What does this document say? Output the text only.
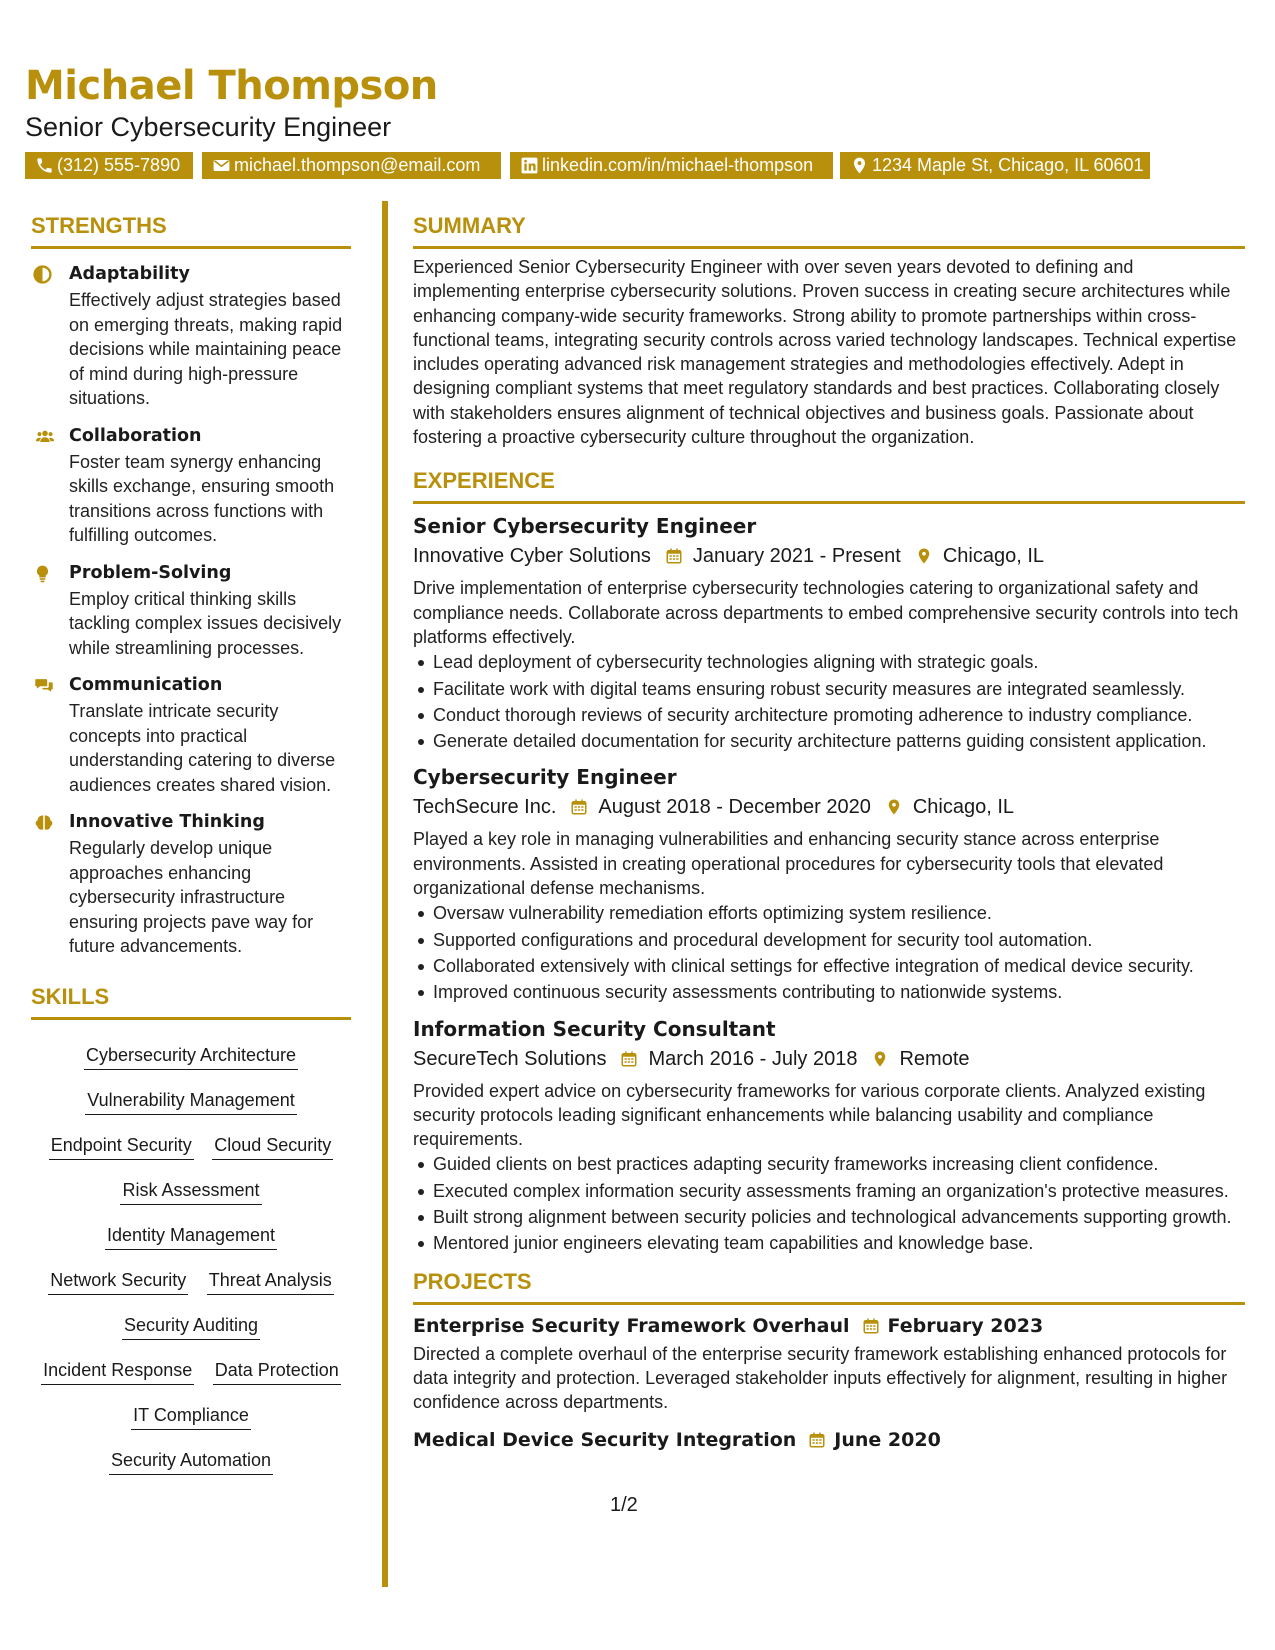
Michael Thompson
Senior Cybersecurity Engineer
(312) 555-7890	michael.thompson@email.com	linkedin.com/in/michael-thompson	1234 Maple St, Chicago, IL 60601
STRENGTHS
Adaptability
Effectively adjust strategies based on emerging threats, making rapid decisions while maintaining peace of mind during high-pressure situations.
Collaboration
Foster team synergy enhancing skills exchange, ensuring smooth transitions across functions with fulfilling outcomes.
Problem-Solving
Employ critical thinking skills tackling complex issues decisively while streamlining processes.
Communication
Translate intricate security concepts into practical understanding catering to diverse audiences creates shared vision.
Innovative Thinking
Regularly develop unique approaches enhancing cybersecurity infrastructure ensuring projects pave way for future advancements.
SKILLS
Cybersecurity Architecture
Vulnerability Management
Endpoint Security Cloud Security
Risk Assessment
Identity Management
Network Security Threat Analysis
Security Auditing
Incident Response Data Protection
IT Compliance
Security Automation
SUMMARY
Experienced Senior Cybersecurity Engineer with over seven years devoted to defining and implementing enterprise cybersecurity solutions. Proven success in creating secure architectures while enhancing company-wide security frameworks. Strong ability to promote partnerships within cross-functional teams, integrating security controls across varied technology landscapes. Technical expertise includes operating advanced risk management strategies and methodologies effectively. Adept in designing compliant systems that meet regulatory standards and best practices. Collaborating closely with stakeholders ensures alignment of technical objectives and business goals. Passionate about fostering a proactive cybersecurity culture throughout the organization.
EXPERIENCE
Senior Cybersecurity Engineer
Innovative Cyber Solutions January 2021 - Present Chicago, IL
Drive implementation of enterprise cybersecurity technologies catering to organizational safety and compliance needs. Collaborate across departments to embed comprehensive security controls into tech platforms effectively.
Lead deployment of cybersecurity technologies aligning with strategic goals.
Facilitate work with digital teams ensuring robust security measures are integrated seamlessly.
Conduct thorough reviews of security architecture promoting adherence to industry compliance.
Generate detailed documentation for security architecture patterns guiding consistent application.
Cybersecurity Engineer
TechSecure Inc. August 2018 - December 2020 Chicago, IL
Played a key role in managing vulnerabilities and enhancing security stance across enterprise environments. Assisted in creating operational procedures for cybersecurity tools that elevated organizational defense mechanisms.
Oversaw vulnerability remediation efforts optimizing system resilience.
Supported configurations and procedural development for security tool automation.
Collaborated extensively with clinical settings for effective integration of medical device security.
Improved continuous security assessments contributing to nationwide systems.
Information Security Consultant
SecureTech Solutions March 2016 - July 2018 Remote
Provided expert advice on cybersecurity frameworks for various corporate clients. Analyzed existing security protocols leading significant enhancements while balancing usability and compliance requirements.
Guided clients on best practices adapting security frameworks increasing client confidence.
Executed complex information security assessments framing an organization's protective measures.
Built strong alignment between security policies and technological advancements supporting growth.
Mentored junior engineers elevating team capabilities and knowledge base.
PROJECTS
Enterprise Security Framework Overhaul February 2023
Directed a complete overhaul of the enterprise security framework establishing enhanced protocols for data integrity and protection. Leveraged stakeholder inputs effectively for alignment, resulting in higher confidence across departments.
Medical Device Security Integration June 2020
1/2
